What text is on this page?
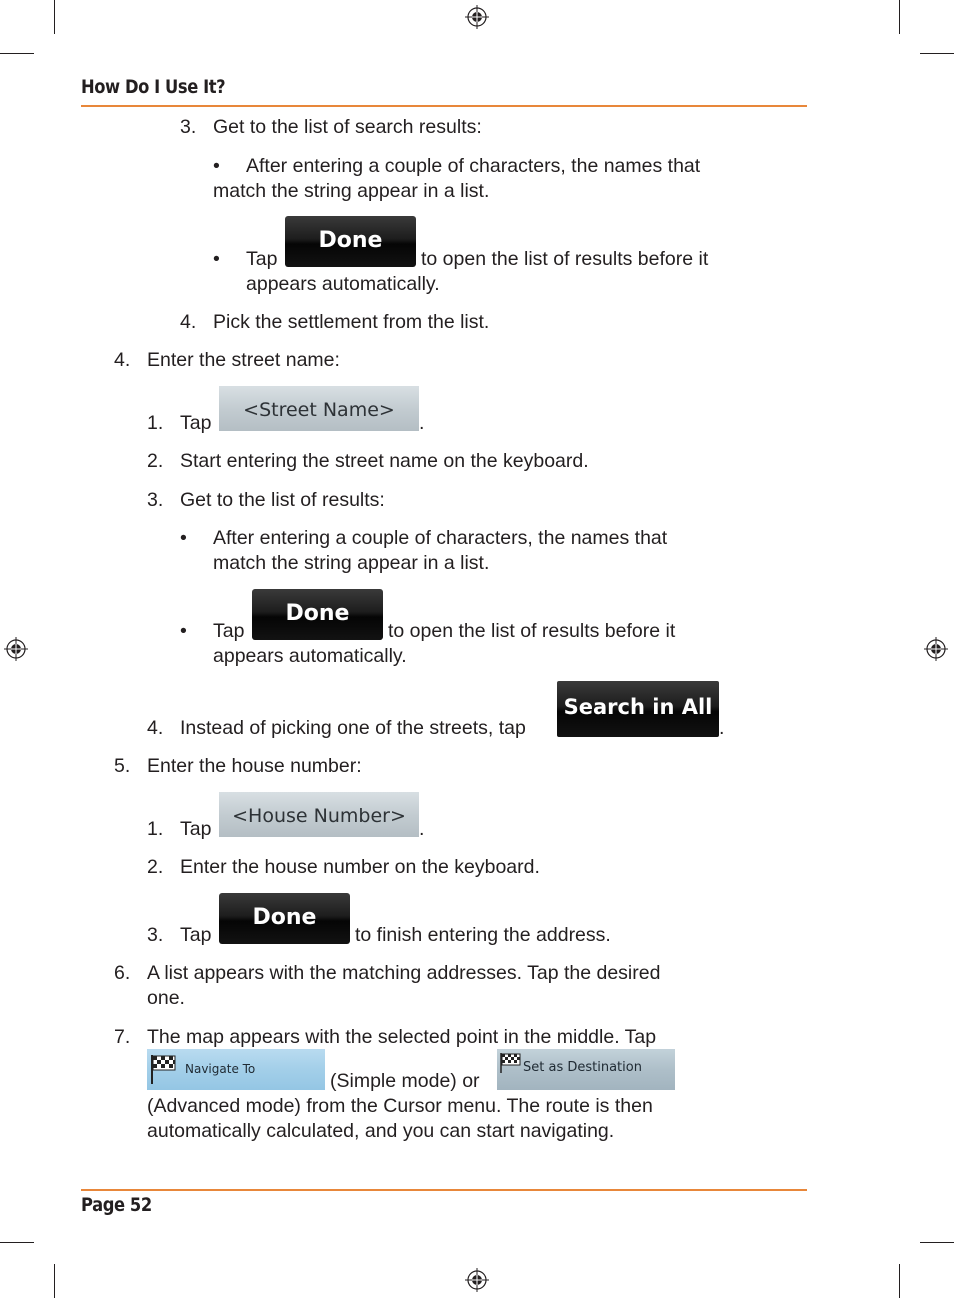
How Do I Use It?
3. Get to the list of search results:
• After entering a couple of characters, the names that
match the string appear in a list.
• Tap
Done
to open the list of results before it
appears automatically.
4. Pick the settlement from the list.
4. Enter the street name:
1. Tap
<Street Name>
.
2. Start entering the street name on the keyboard.
3. Get to the list of results:
• After entering a couple of characters, the names that
match the string appear in a list.
• Tap
Done
to open the list of results before it
appears automatically.
4. Instead of picking one of the streets, tap
Search in All
.
5. Enter the house number:
1. Tap
<House Number>
.
2. Enter the house number on the keyboard.
3. Tap
Done
to finish entering the address.
6. A list appears with the matching addresses. Tap the desired
one.
7. The map appears with the selected point in the middle. Tap
Navigate To
(Simple mode) or
Set as Destination
(Advanced mode) from the Cursor menu. The route is then
automatically calculated, and you can start navigating.
Page 52
